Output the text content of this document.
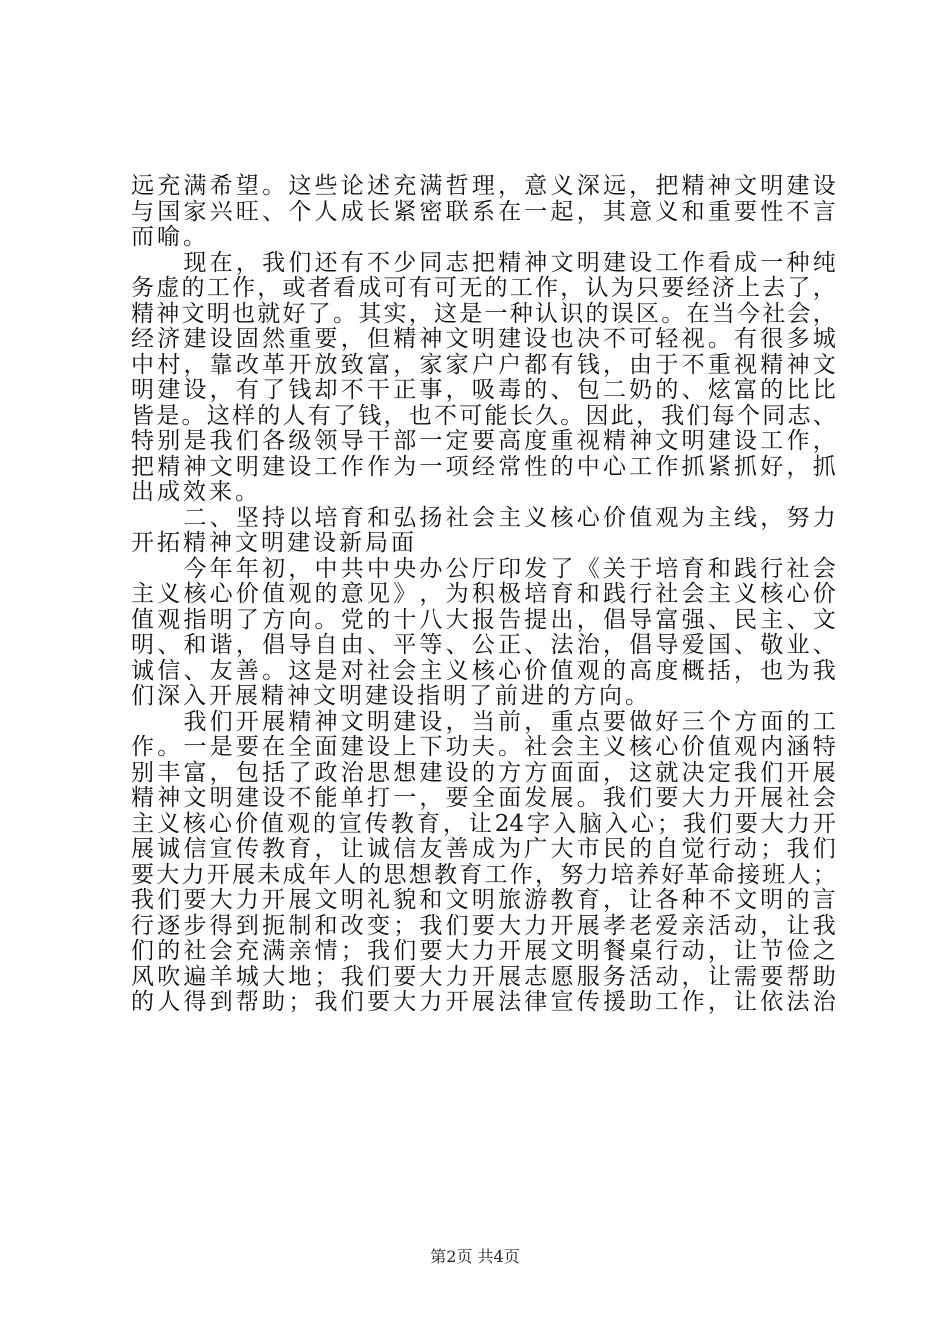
远 充 满 希 望 。 这 些 论 述 充 满 哲 理 ， 意 义 深 远 ， 把 精 神 文 明 建 设
与 国 家 兴 旺 、 个 人 成 长 紧 密 联 系 在 一 起 ， 其 意 义 和 重 要 性 不 言
而 喻 。

现 在 ， 我 们 还 有 不 少 同 志 把 精 神 文 明 建 设 工 作 看 成 一 种 纯
务 虚 的 工 作 ， 或 者 看 成 可 有 可 无 的 工 作 ， 认 为 只 要 经 济 上 去 了 ，
精 神 文 明 也 就 好 了 。 其 实 ， 这 是 一 种 认 识 的 误 区 。 在 当 今 社 会 ，
经 济 建 设 固 然 重 要 ， 但 精 神 文 明 建 设 也 决 不 可 轻 视 。 有 很 多 城
中 村 ， 靠 改 革 开 放 致 富 ， 家 家 户 户 都 有 钱 ， 由 于 不 重 视 精 神 文
明 建 设 ， 有 了 钱 却 不 干 正 事 ， 吸 毒 的 、 包 二 奶 的 、 炫 富 的 比 比
皆 是 。 这 样 的 人 有 了 钱 ， 也 不 可 能 长 久 。 因 此 ， 我 们 每 个 同 志 、
特 别 是 我 们 各 级 领 导 干 部 一 定 要 高 度 重 视 精 神 文 明 建 设 工 作 ，
把 精 神 文 明 建 设 工 作 作 为 一 项 经 常 性 的 中 心 工 作 抓 紧 抓 好 ， 抓
出 成 效 来 。

二 、 坚 持 以 培 育 和 弘 扬 社 会 主 义 核 心 价 值 观 为 主 线 ， 努 力
开 拓 精 神 文 明 建 设 新 局 面

今 年 年 初 ， 中 共 中 央 办 公 厅 印 发 了 《 关 于 培 育 和 践 行 社 会
主 义 核 心 价 值 观 的 意 见 》 ， 为 积 极 培 育 和 践 行 社 会 主 义 核 心 价
值 观 指 明 了 方 向 。 党 的 十 八 大 报 告 提 出 ， 倡 导 富 强 、 民 主 、 文
明 、 和 谐 ， 倡 导 自 由 、 平 等 、 公 正 、 法 治 ， 倡 导 爱 国 、 敬 业 、
诚 信 、 友 善 。 这 是 对 社 会 主 义 核 心 价 值 观 的 高 度 概 括 ， 也 为 我
们 深 入 开 展 精 神 文 明 建 设 指 明 了 前 进 的 方 向 。

我 们 开 展 精 神 文 明 建 设 ， 当 前 ， 重 点 要 做 好 三 个 方 面 的 工
作 。 一 是 要 在 全 面 建 设 上 下 功 夫 。 社 会 主 义 核 心 价 值 观 内 涵 特
别 丰 富 ， 包 括 了 政 治 思 想 建 设 的 方 方 面 面 ， 这 就 决 定 我 们 开 展
精 神 文 明 建 设 不 能 单 打 一 ， 要 全 面 发 展 。 我 们 要 大 力 开 展 社 会
主 义 核 心 价 值 观 的 宣 传 教 育 ， 让 24 字 入 脑 入 心 ； 我 们 要 大 力 开
展 诚 信 宣 传 教 育 ， 让 诚 信 友 善 成 为 广 大 市 民 的 自 觉 行 动 ； 我 们
要 大 力 开 展 未 成 年 人 的 思 想 教 育 工 作 ， 努 力 培 养 好 革 命 接 班 人 ；
我 们 要 大 力 开 展 文 明 礼 貌 和 文 明 旅 游 教 育 ， 让 各 种 不 文 明 的 言
行 逐 步 得 到 扼 制 和 改 变 ； 我 们 要 大 力 开 展 孝 老 爱 亲 活 动 ， 让 我
们 的 社 会 充 满 亲 情 ； 我 们 要 大 力 开 展 文 明 餐 桌 行 动 ， 让 节 俭 之
风 吹 遍 羊 城 大 地 ； 我 们 要 大 力 开 展 志 愿 服 务 活 动 ， 让 需 要 帮 助
的 人 得 到 帮 助 ； 我 们 要 大 力 开 展 法 律 宣 传 援 助 工 作 ， 让 依 法 治
第2页 共4页
